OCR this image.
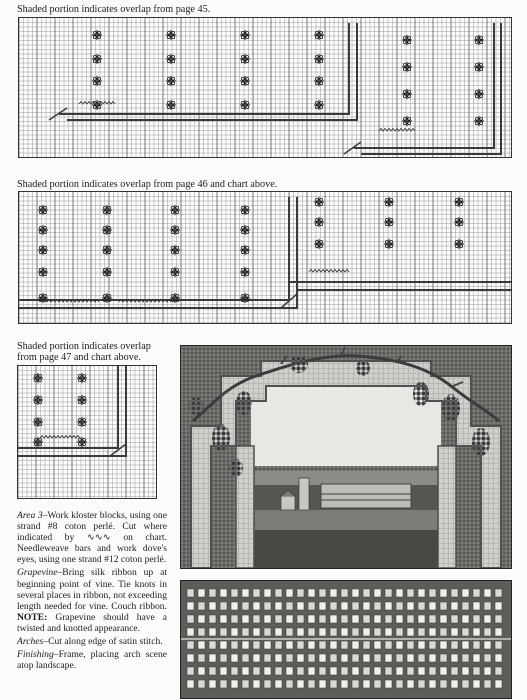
Shaded portion indicates overlap from page 45.
Shaded portion indicates overlap from page 46 and chart above.
Shaded portion indicates overlap
from page 47 and chart above.

Area 3–Work kloster blocks, using one strand #8 coton perlé. Cut where indicated by ∿∿∿ on chart. Needleweave bars and work dove's eyes, using one strand #12 coton perlé.

Grapevine–Bring silk ribbon up at beginning point of vine. Tie knots in several places in ribbon, not exceeding length needed for vine. Couch ribbon. NOTE: Grapevine should have a twisted and knotted appearance.

Arches–Cut along edge of satin stitch.

Finishing–Frame, placing arch scene atop landscape.
